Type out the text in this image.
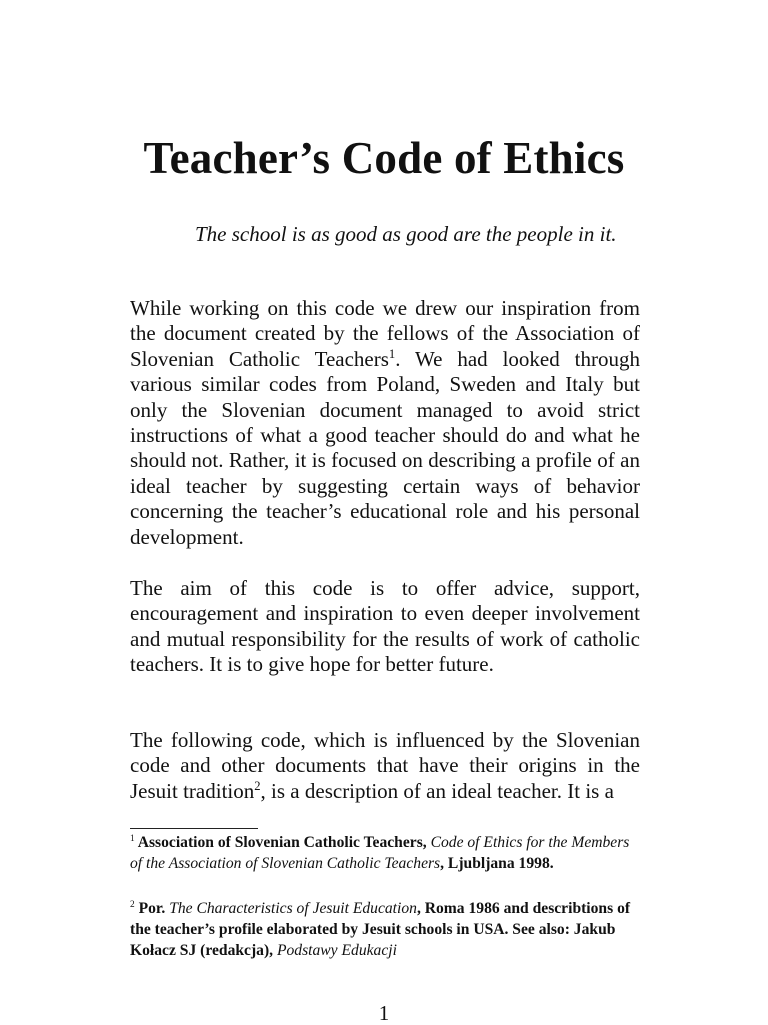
Teacher’s Code of Ethics

The school is as good as good are the people in it.

While working on this code we drew our inspiration from the document created by the fellows of the Association of Slovenian Catholic Teachers$^1$. We had looked through various similar codes from Poland, Sweden and Italy but only the Slovenian document managed to avoid strict instructions of what a good teacher should do and what he should not. Rather, it is focused on describing a profile of an ideal teacher by suggesting certain ways of behavior concerning the teacher’s educational role and his personal development.

The aim of this code is to offer advice, support, encouragement and inspiration to even deeper involvement and mutual responsibility for the results of work of catholic teachers. It is to give hope for better future.

The following code, which is influenced by the Slovenian code and other documents that have their origins in the Jesuit tradition$^2$, is a description of an ideal teacher. It is a

$^1$ Association of Slovenian Catholic Teachers, Code of Ethics for the Members of the Association of Slovenian Catholic Teachers, Ljubljana 1998.

$^2$ Por. The Characteristics of Jesuit Education, Roma 1986 and describtions of the teacher’s profile elaborated by Jesuit schools in USA. See also: Jakub Kołacz SJ (redakcja), Podstawy Edukacji

1
